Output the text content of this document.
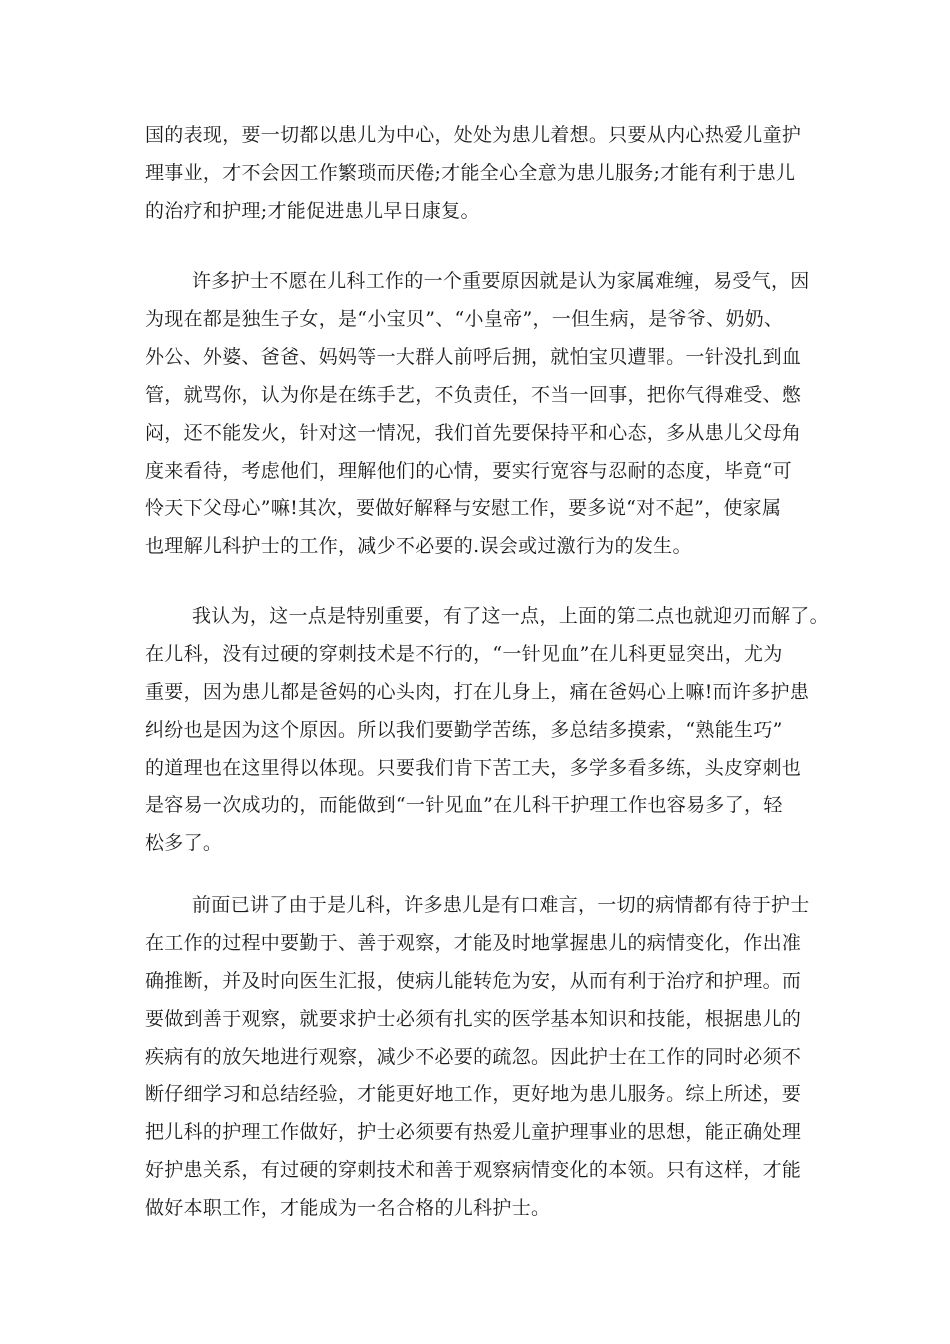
国的表现，要一切都以患儿为中心，处处为患儿着想。只要从内心热爱儿童护

理事业，才不会因工作繁琐而厌倦;才能全心全意为患儿服务;才能有利于患儿

的治疗和护理;才能促进患儿早日康复。

许多护士不愿在儿科工作的一个重要原因就是认为家属难缠，易受气，因

为现在都是独生子女，是“小宝贝”、“小皇帝”，一但生病，是爷爷、奶奶、

外公、外婆、爸爸、妈妈等一大群人前呼后拥，就怕宝贝遭罪。一针没扎到血

管，就骂你，认为你是在练手艺，不负责任，不当一回事，把你气得难受、憋

闷，还不能发火，针对这一情况，我们首先要保持平和心态，多从患儿父母角

度来看待，考虑他们，理解他们的心情，要实行宽容与忍耐的态度，毕竟“可

怜天下父母心”嘛!其次，要做好解释与安慰工作，要多说“对不起”，使家属

也理解儿科护士的工作，减少不必要的.误会或过激行为的发生。

我认为，这一点是特别重要，有了这一点，上面的第二点也就迎刃而解了。

在儿科，没有过硬的穿刺技术是不行的，“一针见血”在儿科更显突出，尤为

重要，因为患儿都是爸妈的心头肉，打在儿身上，痛在爸妈心上嘛!而许多护患

纠纷也是因为这个原因。所以我们要勤学苦练，多总结多摸索，“熟能生巧”

的道理也在这里得以体现。只要我们肯下苦工夫，多学多看多练，头皮穿刺也

是容易一次成功的，而能做到“一针见血”在儿科干护理工作也容易多了，轻

松多了。

前面已讲了由于是儿科，许多患儿是有口难言，一切的病情都有待于护士

在工作的过程中要勤于、善于观察，才能及时地掌握患儿的病情变化，作出准

确推断，并及时向医生汇报，使病儿能转危为安，从而有利于治疗和护理。而

要做到善于观察，就要求护士必须有扎实的医学基本知识和技能，根据患儿的

疾病有的放矢地进行观察，减少不必要的疏忽。因此护士在工作的同时必须不

断仔细学习和总结经验，才能更好地工作，更好地为患儿服务。综上所述，要

把儿科的护理工作做好，护士必须要有热爱儿童护理事业的思想，能正确处理

好护患关系，有过硬的穿刺技术和善于观察病情变化的本领。只有这样，才能

做好本职工作，才能成为一名合格的儿科护士。
